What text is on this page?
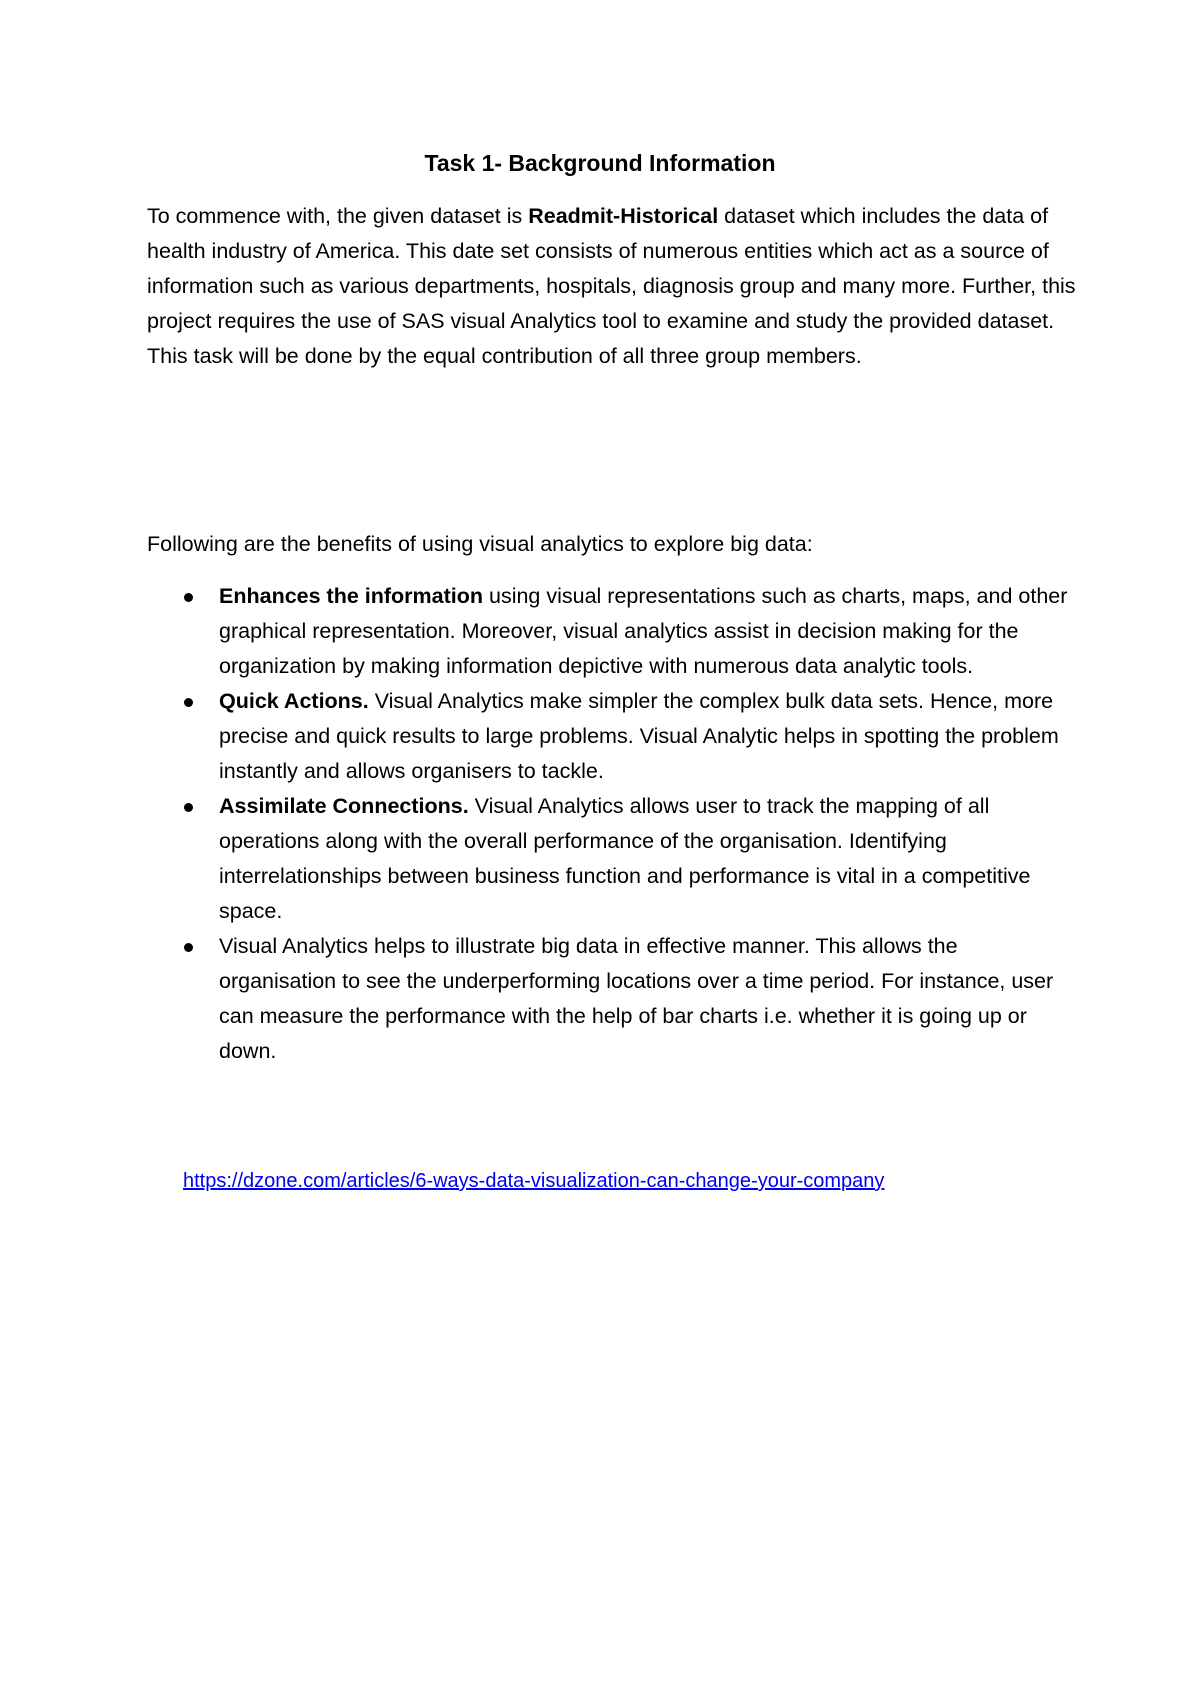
Task 1- Background Information

To commence with, the given dataset is Readmit-Historical dataset which includes the data of health industry of America. This date set consists of numerous entities which act as a source of information such as various departments, hospitals, diagnosis group and many more. Further, this project requires the use of SAS visual Analytics tool to examine and study the provided dataset. This task will be done by the equal contribution of all three group members.

Following are the benefits of using visual analytics to explore big data:

Enhances the information using visual representations such as charts, maps, and other graphical representation. Moreover, visual analytics assist in decision making for the organization by making information depictive with numerous data analytic tools.
Quick Actions. Visual Analytics make simpler the complex bulk data sets. Hence, more precise and quick results to large problems. Visual Analytic helps in spotting the problem instantly and allows organisers to tackle.
Assimilate Connections. Visual Analytics allows user to track the mapping of all operations along with the overall performance of the organisation. Identifying interrelationships between business function and performance is vital in a competitive space.
Visual Analytics helps to illustrate big data in effective manner. This allows the organisation to see the underperforming locations over a time period. For instance, user can measure the performance with the help of bar charts i.e. whether it is going up or down.

https://dzone.com/articles/6-ways-data-visualization-can-change-your-company
